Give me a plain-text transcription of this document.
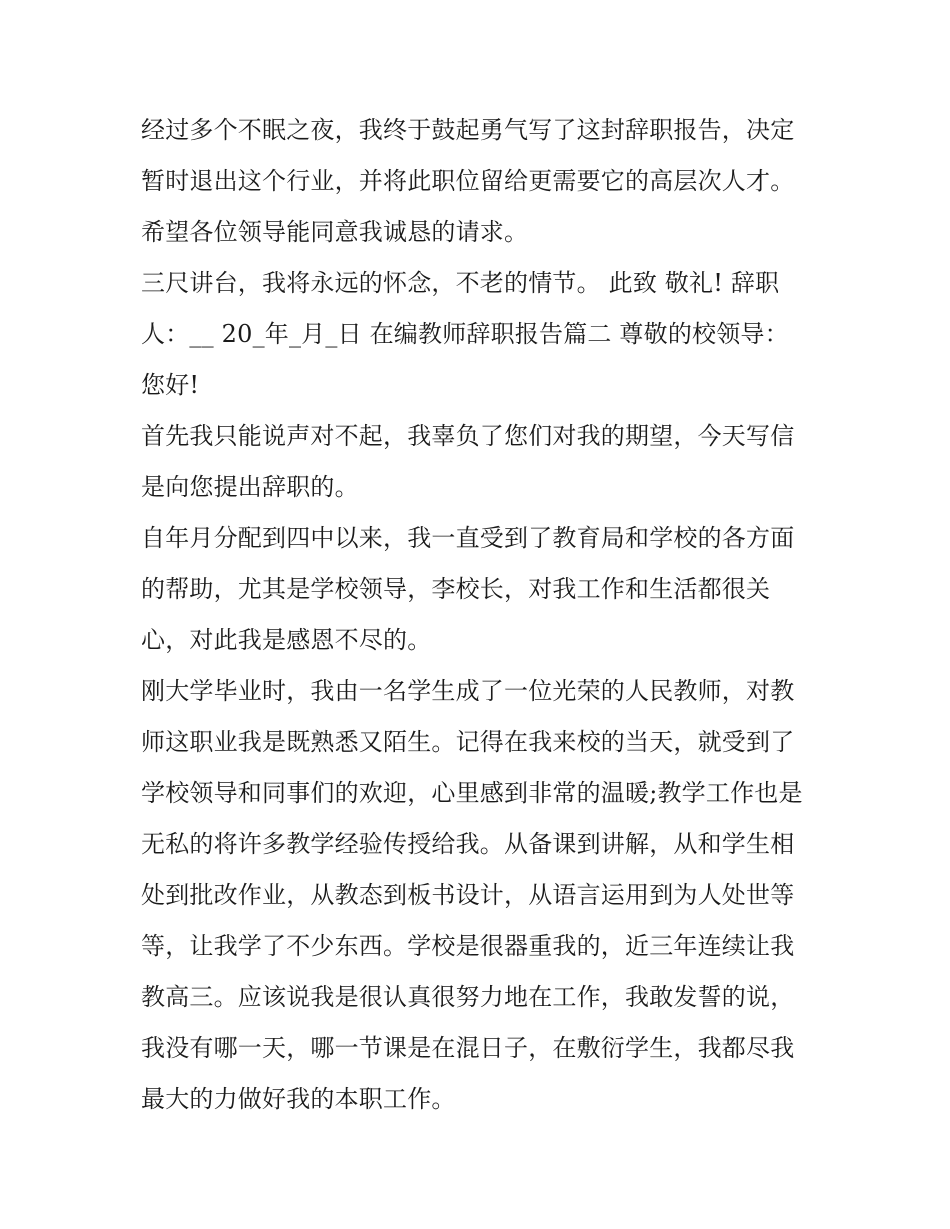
经过多个不眠之夜，我终于鼓起勇气写了这封辞职报告，决定暂时退出这个行业，并将此职位留给更需要它的高层次人才。希望各位领导能同意我诚恳的请求。

三尺讲台，我将永远的怀念，不老的情节。 此致 敬礼! 辞职人：__ 20_年_月_日 在编教师辞职报告篇二 尊敬的校领导：您好!

首先我只能说声对不起，我辜负了您们对我的期望，今天写信是向您提出辞职的。

自年月分配到四中以来，我一直受到了教育局和学校的各方面的帮助，尤其是学校领导，李校长，对我工作和生活都很关心，对此我是感恩不尽的。

刚大学毕业时，我由一名学生成了一位光荣的人民教师，对教师这职业我是既熟悉又陌生。记得在我来校的当天，就受到了学校领导和同事们的欢迎，心里感到非常的温暖;教学工作也是无私的将许多教学经验传授给我。从备课到讲解，从和学生相处到批改作业，从教态到板书设计，从语言运用到为人处世等等，让我学了不少东西。学校是很器重我的，近三年连续让我教高三。应该说我是很认真很努力地在工作，我敢发誓的说，我没有哪一天，哪一节课是在混日子，在敷衍学生，我都尽我最大的力做好我的本职工作。
